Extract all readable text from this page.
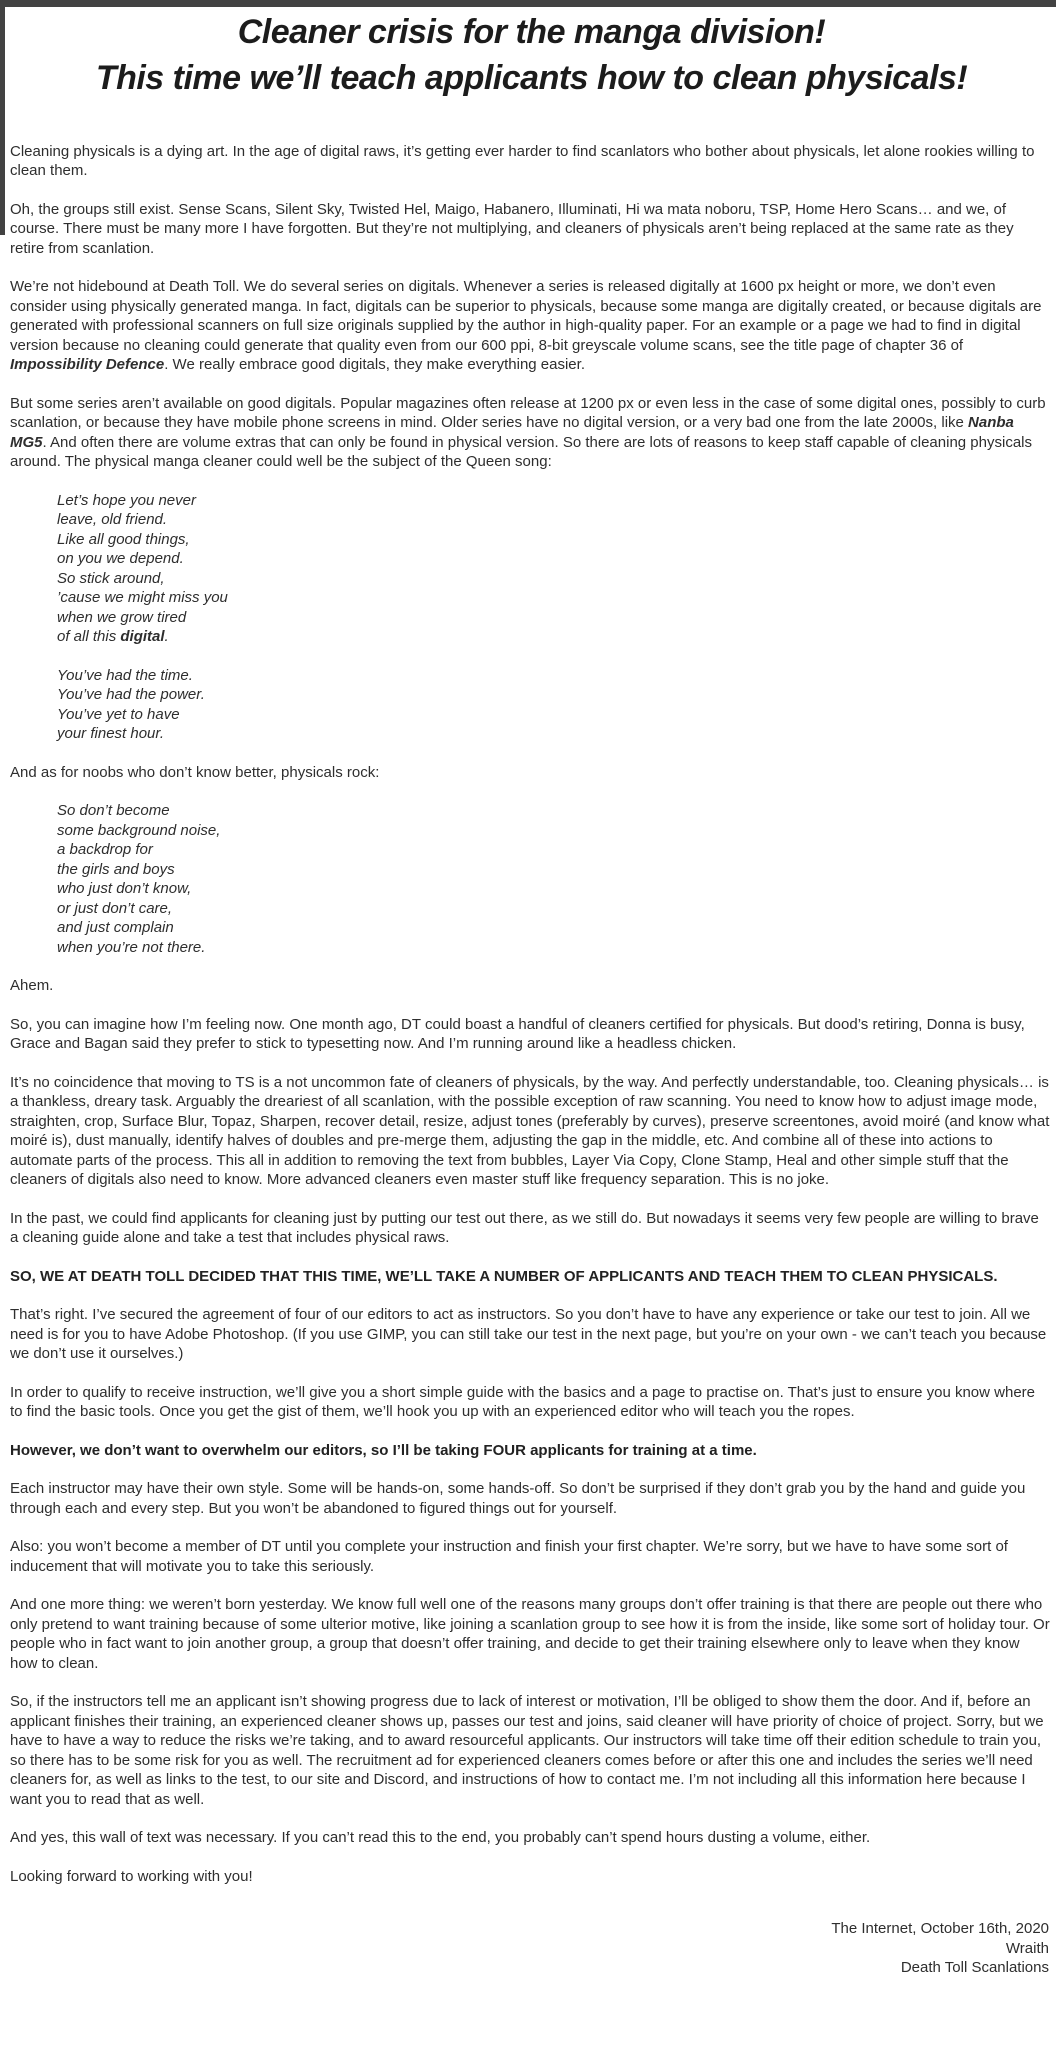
Cleaner crisis for the manga division!
This time we’ll teach applicants how to clean physicals!

Cleaning physicals is a dying art. In the age of digital raws, it’s getting ever harder to find scanlators who bother about physicals, let alone rookies willing to clean them.

Oh, the groups still exist. Sense Scans, Silent Sky, Twisted Hel, Maigo, Habanero, Illuminati, Hi wa mata noboru, TSP, Home Hero Scans… and we, of course. There must be many more I have forgotten. But they’re not multiplying, and cleaners of physicals aren’t being replaced at the same rate as they retire from scanlation.

We’re not hidebound at Death Toll. We do several series on digitals. Whenever a series is released digitally at 1600 px height or more, we don’t even consider using physically generated manga. In fact, digitals can be superior to physicals, because some manga are digitally created, or because digitals are generated with professional scanners on full size originals supplied by the author in high-quality paper. For an example or a page we had to find in digital version because no cleaning could generate that quality even from our 600 ppi, 8-bit greyscale volume scans, see the title page of chapter 36 of Impossibility Defence. We really embrace good digitals, they make everything easier.

But some series aren’t available on good digitals. Popular magazines often release at 1200 px or even less in the case of some digital ones, possibly to curb scanlation, or because they have mobile phone screens in mind. Older series have no digital version, or a very bad one from the late 2000s, like Nanba MG5. And often there are volume extras that can only be found in physical version. So there are lots of reasons to keep staff capable of cleaning physicals around. The physical manga cleaner could well be the subject of the Queen song:

Let’s hope you never
leave, old friend.
Like all good things,
on you we depend.
So stick around,
’cause we might miss you
when we grow tired
of all this digital.

You’ve had the time.
You’ve had the power.
You’ve yet to have
your finest hour.

And as for noobs who don’t know better, physicals rock:

So don’t become
some background noise,
a backdrop for
the girls and boys
who just don’t know,
or just don’t care,
and just complain
when you’re not there.

Ahem.

So, you can imagine how I’m feeling now. One month ago, DT could boast a handful of cleaners certified for physicals. But dood’s retiring, Donna is busy, Grace and Bagan said they prefer to stick to typesetting now. And I’m running around like a headless chicken.

It’s no coincidence that moving to TS is a not uncommon fate of cleaners of physicals, by the way. And perfectly understandable, too. Cleaning physicals… is a thankless, dreary task. Arguably the dreariest of all scanlation, with the possible exception of raw scanning. You need to know how to adjust image mode, straighten, crop, Surface Blur, Topaz, Sharpen, recover detail, resize, adjust tones (preferably by curves), preserve screentones, avoid moiré (and know what moiré is), dust manually, identify halves of doubles and pre-merge them, adjusting the gap in the middle, etc. And combine all of these into actions to automate parts of the process. This all in addition to removing the text from bubbles, Layer Via Copy, Clone Stamp, Heal and other simple stuff that the cleaners of digitals also need to know. More advanced cleaners even master stuff like frequency separation. This is no joke.

In the past, we could find applicants for cleaning just by putting our test out there, as we still do. But nowadays it seems very few people are willing to brave a cleaning guide alone and take a test that includes physical raws.

SO, WE AT DEATH TOLL DECIDED THAT THIS TIME, WE’LL TAKE A NUMBER OF APPLICANTS AND TEACH THEM TO CLEAN PHYSICALS.

That’s right. I’ve secured the agreement of four of our editors to act as instructors. So you don’t have to have any experience or take our test to join. All we need is for you to have Adobe Photoshop. (If you use GIMP, you can still take our test in the next page, but you’re on your own - we can’t teach you because we don’t use it ourselves.)

In order to qualify to receive instruction, we’ll give you a short simple guide with the basics and a page to practise on. That’s just to ensure you know where to find the basic tools. Once you get the gist of them, we’ll hook you up with an experienced editor who will teach you the ropes.

However, we don’t want to overwhelm our editors, so I’ll be taking FOUR applicants for training at a time.

Each instructor may have their own style. Some will be hands-on, some hands-off. So don’t be surprised if they don’t grab you by the hand and guide you through each and every step. But you won’t be abandoned to figured things out for yourself.

Also: you won’t become a member of DT until you complete your instruction and finish your first chapter. We’re sorry, but we have to have some sort of inducement that will motivate you to take this seriously.

And one more thing: we weren’t born yesterday. We know full well one of the reasons many groups don’t offer training is that there are people out there who only pretend to want training because of some ulterior motive, like joining a scanlation group to see how it is from the inside, like some sort of holiday tour. Or people who in fact want to join another group, a group that doesn’t offer training, and decide to get their training elsewhere only to leave when they know how to clean.

So, if the instructors tell me an applicant isn’t showing progress due to lack of interest or motivation, I’ll be obliged to show them the door. And if, before an applicant finishes their training, an experienced cleaner shows up, passes our test and joins, said cleaner will have priority of choice of project. Sorry, but we have to have a way to reduce the risks we’re taking, and to award resourceful applicants. Our instructors will take time off their edition schedule to train you, so there has to be some risk for you as well. The recruitment ad for experienced cleaners comes before or after this one and includes the series we’ll need cleaners for, as well as links to the test, to our site and Discord, and instructions of how to contact me. I’m not including all this information here because I want you to read that as well.

And yes, this wall of text was necessary. If you can’t read this to the end, you probably can’t spend hours dusting a volume, either.

Looking forward to working with you!

The Internet, October 16th, 2020
Wraith
Death Toll Scanlations
